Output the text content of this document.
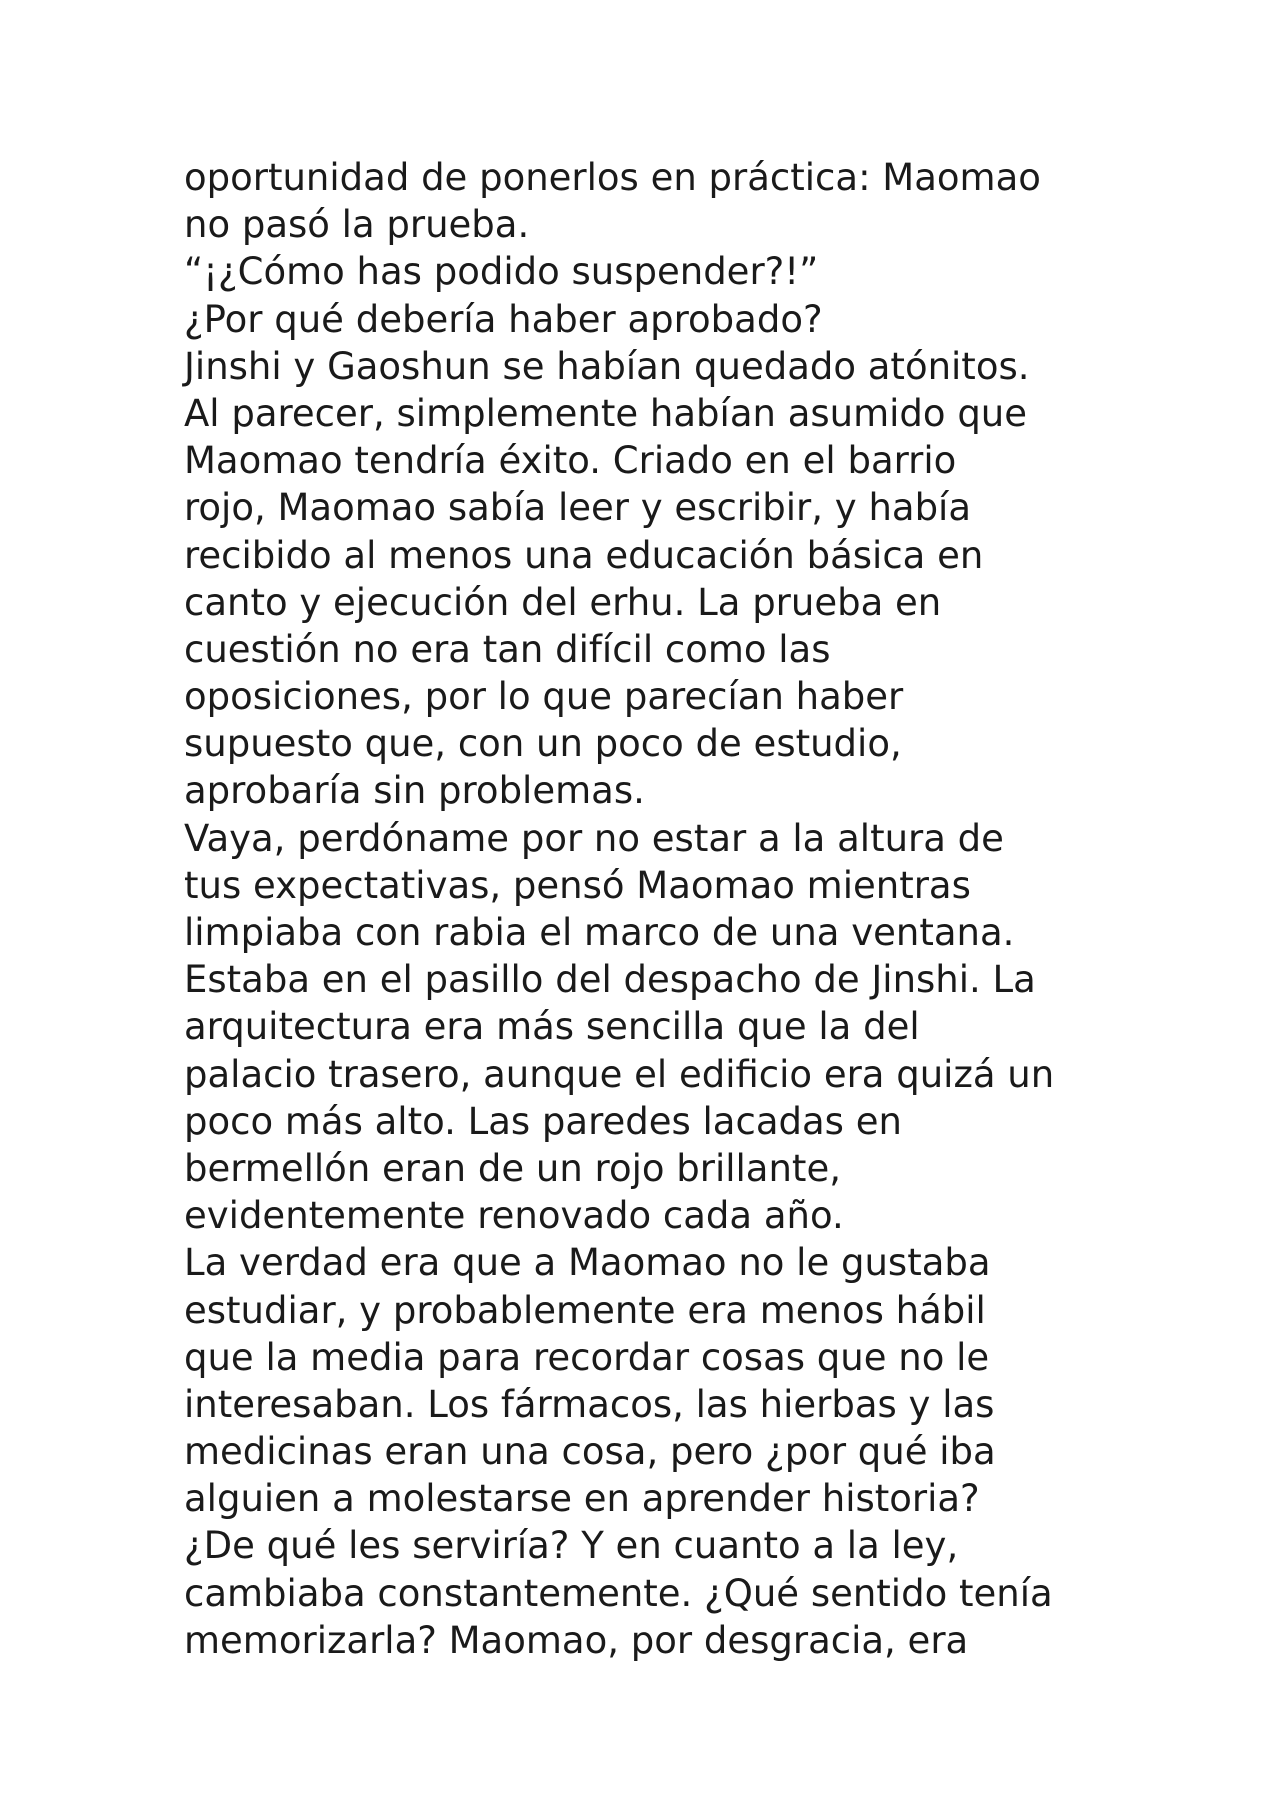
oportunidad de ponerlos en práctica: Maomao
no pasó la prueba.
“¡¿Cómo has podido suspender?!”
¿Por qué debería haber aprobado?
Jinshi y Gaoshun se habían quedado atónitos.
Al parecer, simplemente habían asumido que
Maomao tendría éxito. Criado en el barrio
rojo, Maomao sabía leer y escribir, y había
recibido al menos una educación básica en
canto y ejecución del erhu. La prueba en
cuestión no era tan difícil como las
oposiciones, por lo que parecían haber
supuesto que, con un poco de estudio,
aprobaría sin problemas.
Vaya, perdóname por no estar a la altura de
tus expectativas, pensó Maomao mientras
limpiaba con rabia el marco de una ventana.
Estaba en el pasillo del despacho de Jinshi. La
arquitectura era más sencilla que la del
palacio trasero, aunque el edificio era quizá un
poco más alto. Las paredes lacadas en
bermellón eran de un rojo brillante,
evidentemente renovado cada año.
La verdad era que a Maomao no le gustaba
estudiar, y probablemente era menos hábil
que la media para recordar cosas que no le
interesaban. Los fármacos, las hierbas y las
medicinas eran una cosa, pero ¿por qué iba
alguien a molestarse en aprender historia?
¿De qué les serviría? Y en cuanto a la ley,
cambiaba constantemente. ¿Qué sentido tenía
memorizarla? Maomao, por desgracia, era
